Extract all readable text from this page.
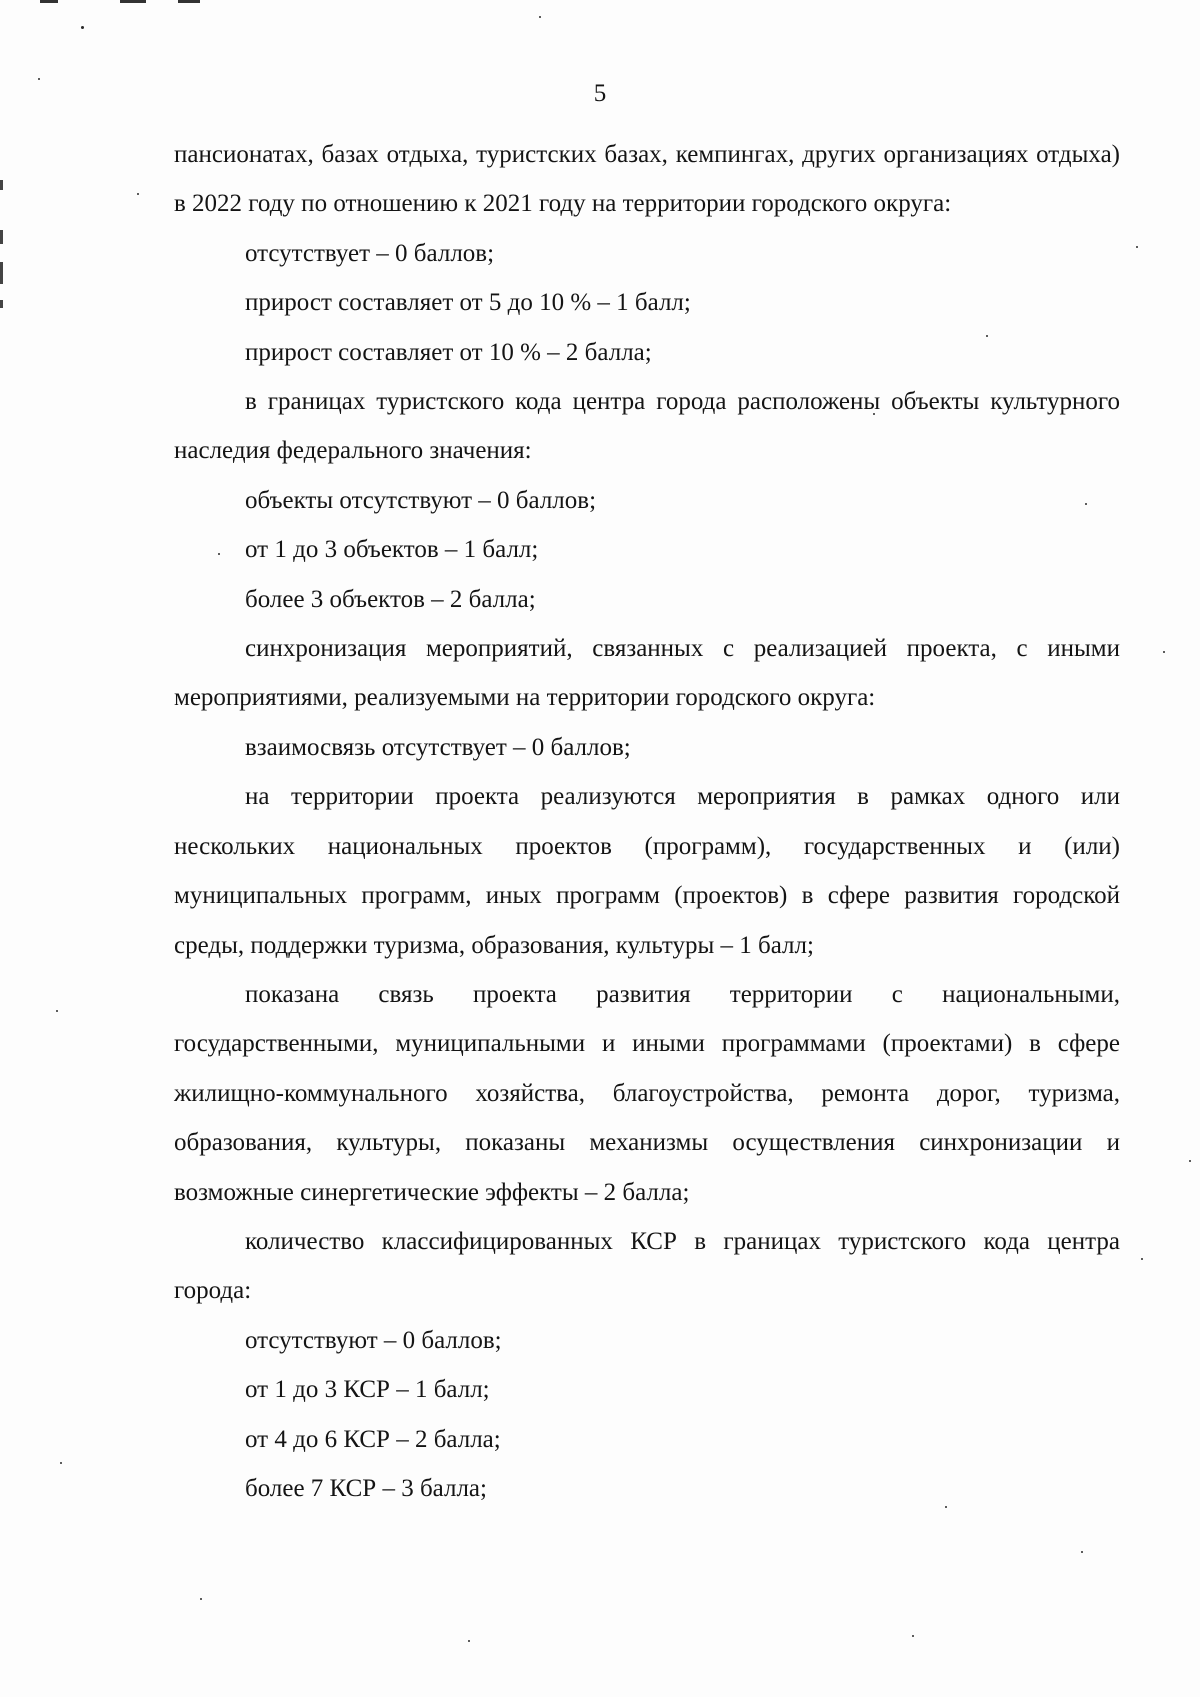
5

пансионатах, базах отдыха, туристских базах, кемпингах, других организациях отдыха) в 2022 году по отношению к 2021 году на территории городского округа:

отсутствует – 0 баллов;

прирост составляет от 5 до 10 % – 1 балл;

прирост составляет от 10 % – 2 балла;

в границах туристского кода центра города расположены объекты культурного наследия федерального значения:

объекты отсутствуют – 0 баллов;

от 1 до 3 объектов – 1 балл;

более 3 объектов – 2 балла;

синхронизация мероприятий, связанных с реализацией проекта, с иными мероприятиями, реализуемыми на территории городского округа:

взаимосвязь отсутствует – 0 баллов;

на территории проекта реализуются мероприятия в рамках одного или нескольких национальных проектов (программ), государственных и (или) муниципальных программ, иных программ (проектов) в сфере развития городской среды, поддержки туризма, образования, культуры – 1 балл;

показана связь проекта развития территории с национальными, государственными, муниципальными и иными программами (проектами) в сфере жилищно-коммунального хозяйства, благоустройства, ремонта дорог, туризма, образования, культуры, показаны механизмы осуществления синхронизации и возможные синергетические эффекты – 2 балла;

количество классифицированных КСР в границах туристского кода центра города:

отсутствуют – 0 баллов;

от 1 до 3 КСР – 1 балл;

от 4 до 6 КСР – 2 балла;

более 7 КСР – 3 балла;
